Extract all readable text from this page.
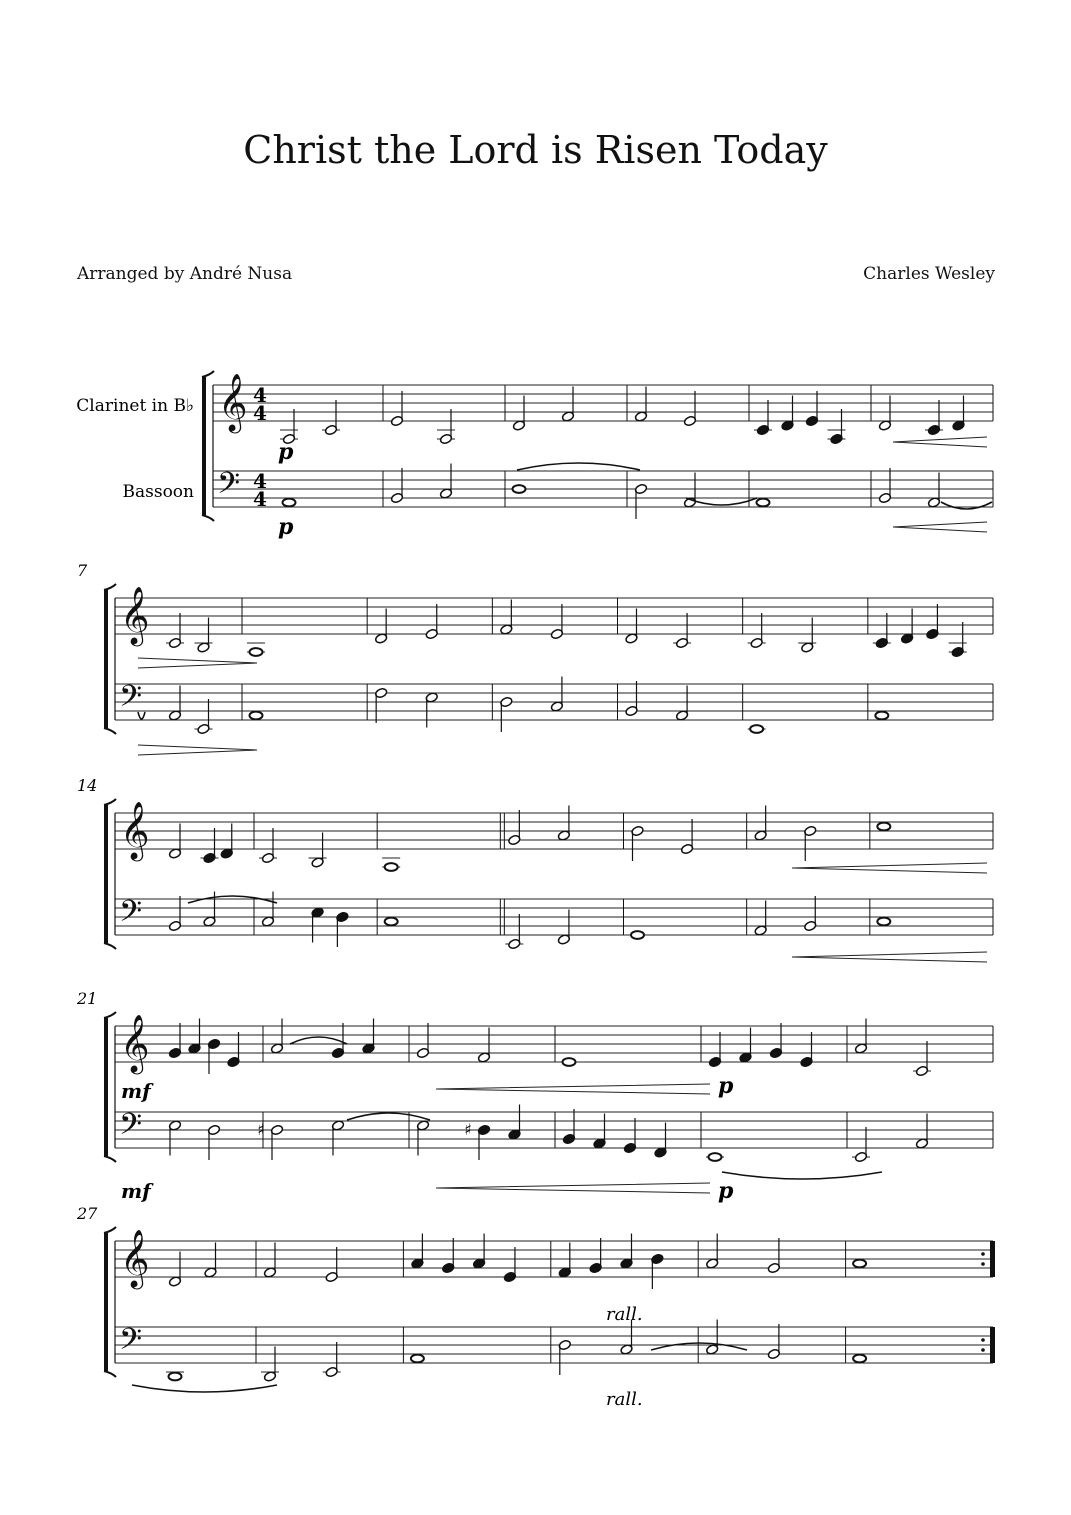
Christ the Lord is Risen Today
Arranged by André Nusa	Charles Wesley
Clarinet in B♭
Bassoon
𝄞
𝄢
4
4
4
4
𝄞
𝄢
7
𝄞
𝄢
14
𝄞
𝄢
21
♯	♯
𝄞
𝄢
27
p
p
mf
mf
p
p
rall.
rall.
